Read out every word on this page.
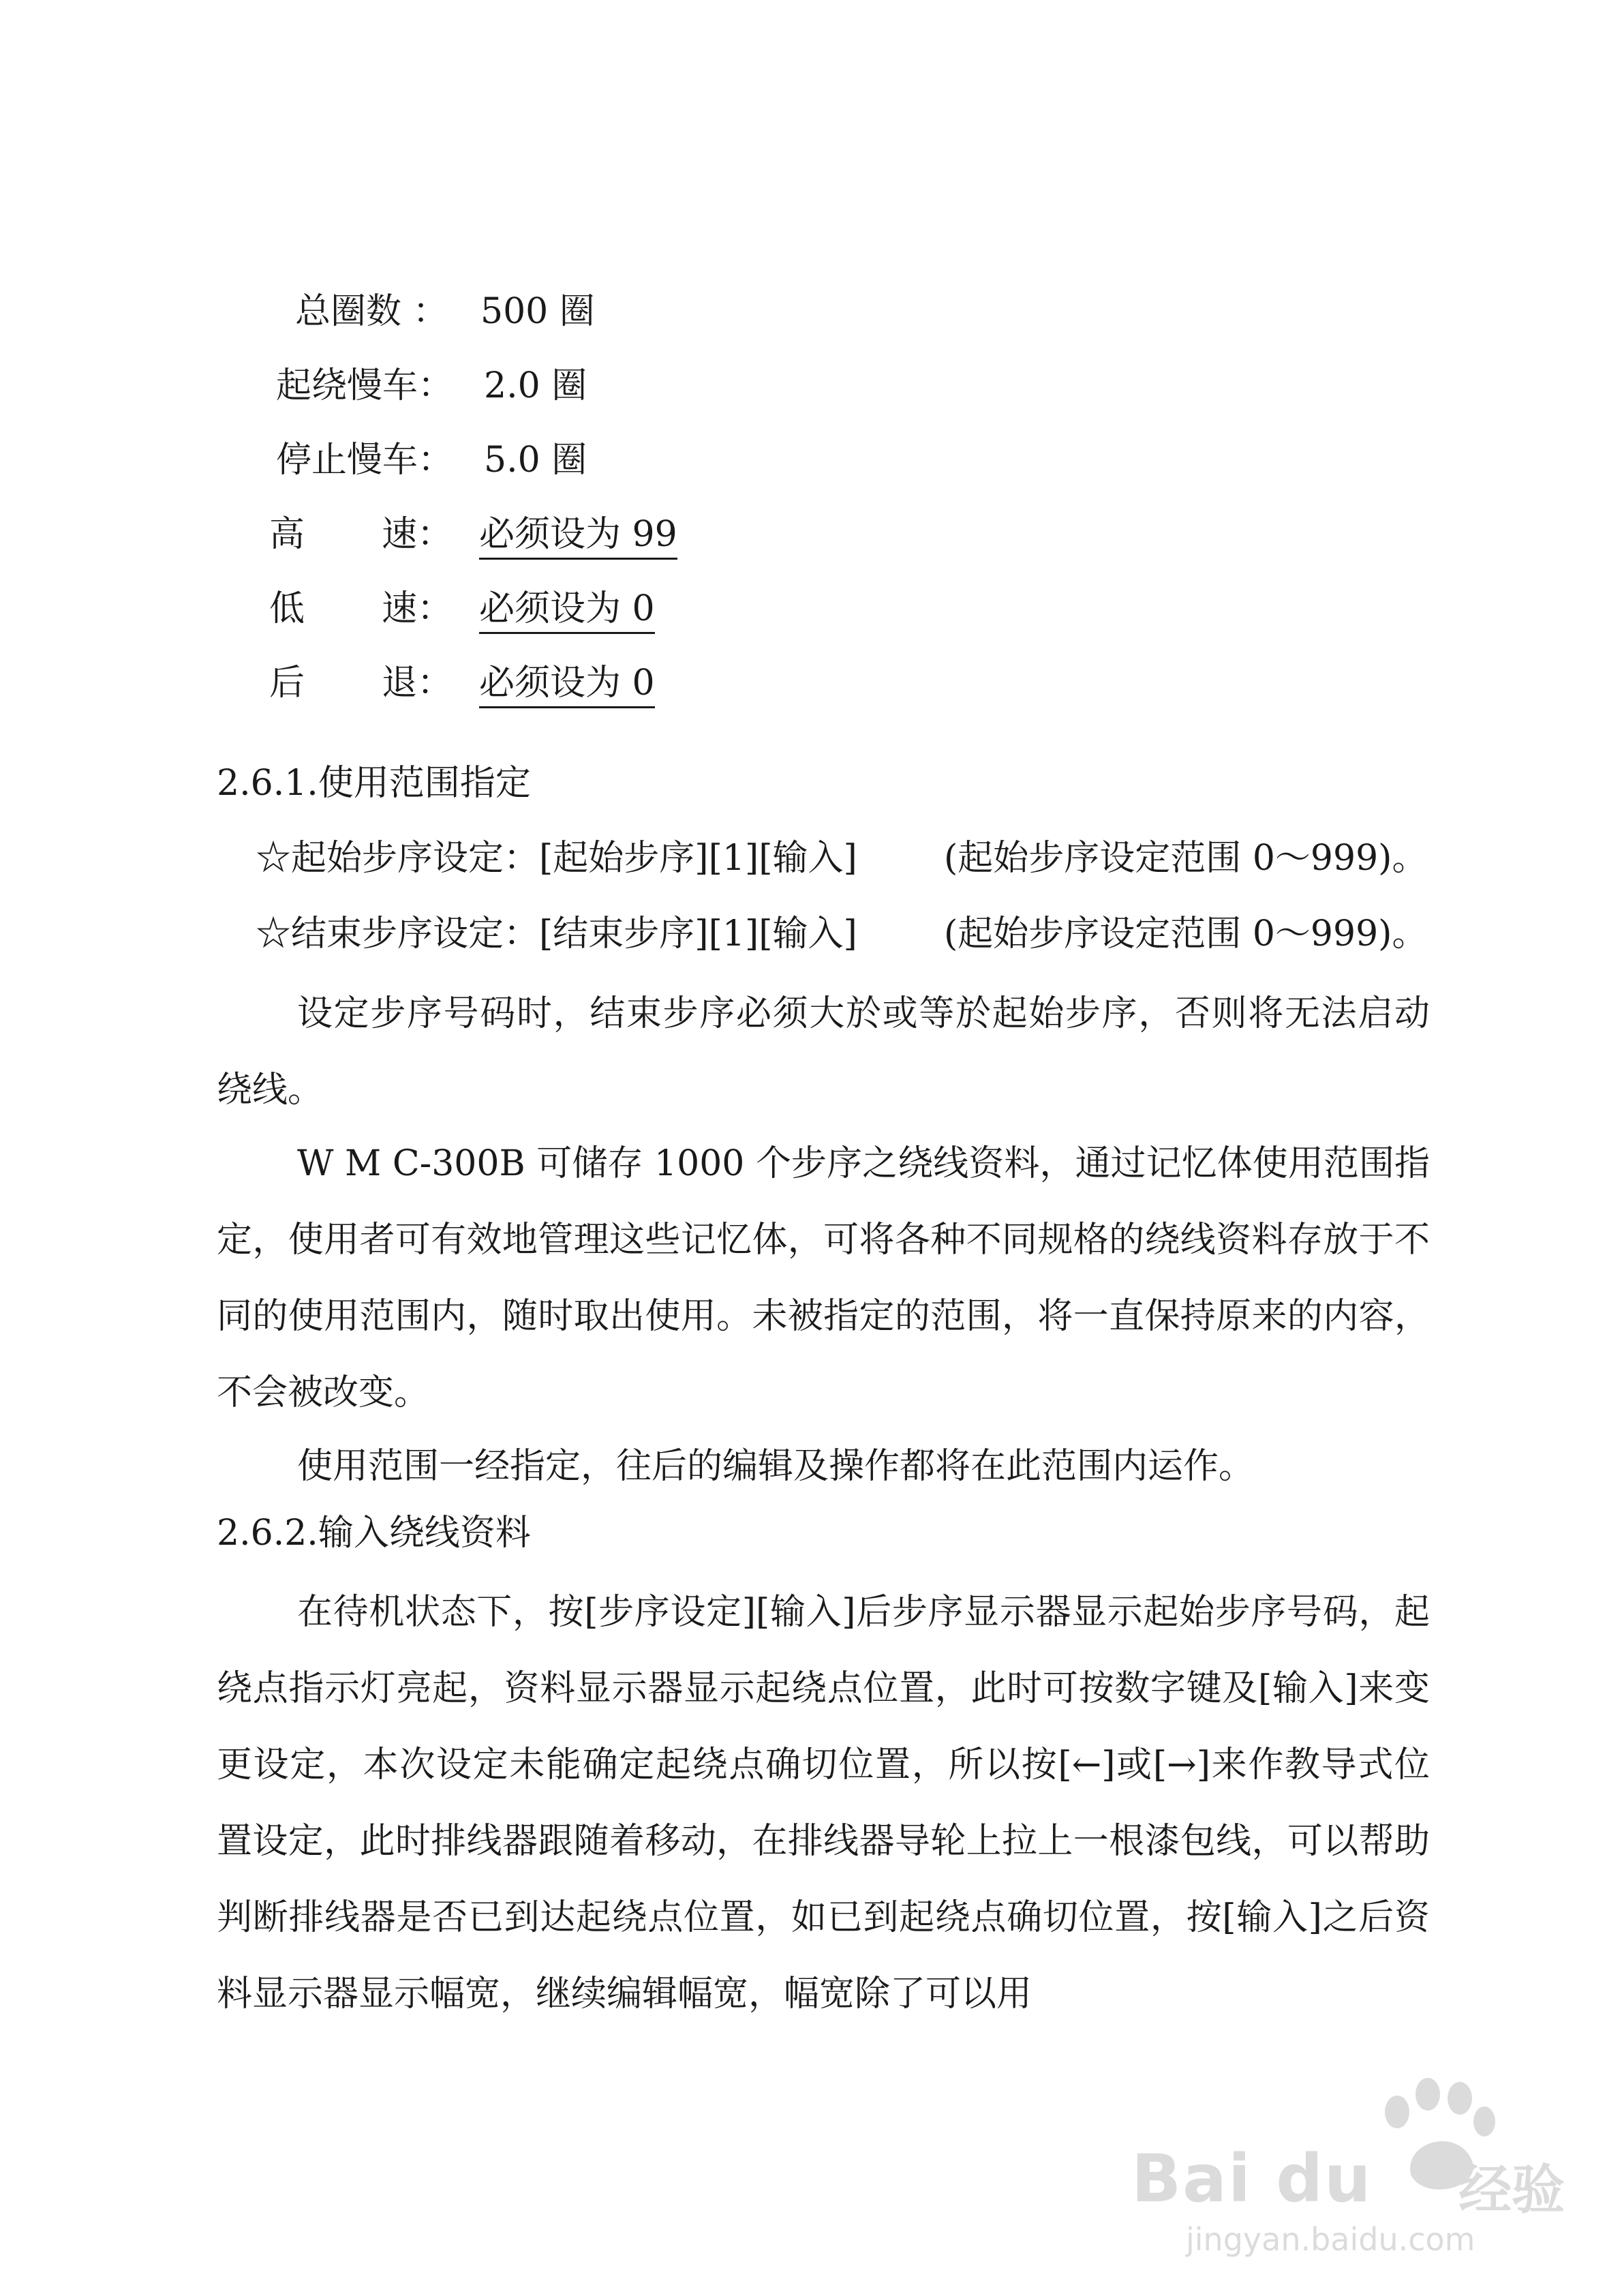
总圈数 ： 500 圈
起绕慢车： 2.0 圈
停止慢车： 5.0 圈
高 速： 必须设为 99
低 速： 必须设为 0
后 退： 必须设为 0
2.6.1.使用范围指定
☆起始步序设定：[起始步序][1][输入] (起始步序设定范围 0～999)。
☆结束步序设定：[结束步序][1][输入] (起始步序设定范围 0～999)。
设定步序号码时，结束步序必须大於或等於起始步序，否则将无法启动绕线。
W M C-300B 可储存 1000 个步序之绕线资料，通过记忆体使用范围指定，使用者可有效地管理这些记忆体，可将各种不同规格的绕线资料存放于不同的使用范围内，随时取出使用。未被指定的范围，将一直保持原来的内容，不会被改变。
使用范围一经指定，往后的编辑及操作都将在此范围内运作。
2.6.2.输入绕线资料
在待机状态下，按[步序设定][输入]后步序显示器显示起始步序号码，起绕点指示灯亮起，资料显示器显示起绕点位置，此时可按数字键及[输入]来变更设定，本次设定未能确定起绕点确切位置，所以按[←]或[→]来作教导式位置设定，此时排线器跟随着移动，在排线器导轮上拉上一根漆包线，可以帮助判断排线器是否已到达起绕点位置，如已到起绕点确切位置，按[输入]之后资料显示器显示幅宽，继续编辑幅宽，幅宽除了可以用
Bai du 经验
jingyan.baidu.com
